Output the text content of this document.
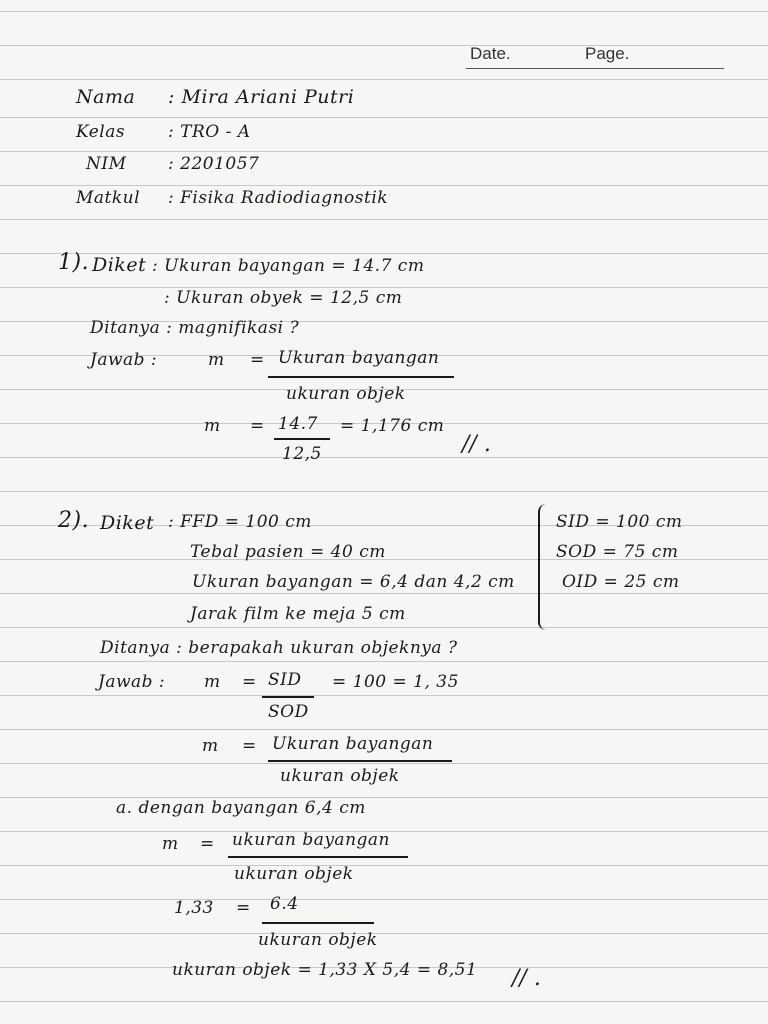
Date.	Page.
Nama : Mira Ariani Putri
Kelas	: TRO - A
NIM : 2201057
Matkul : Fisika Radiodiagnostik
1). Diket : Ukuran bayangan = 14.7 cm
: Ukuran obyek = 12,5 cm
Ditanya : magnifikasi ?
Jawab :	m = Ukuran bayangan
ukuran objek
m = 14.7
12,5
= 1,176 cm
// .
2). Diket : FFD = 100 cm
Tebal pasien = 40 cm
Ukuran bayangan = 6,4 dan 4,2 cm
Jarak film ke meja 5 cm
SID = 100 cm
SOD = 75 cm
OID = 25 cm
Ditanya : berapakah ukuran objeknya ?
Jawab : m = SID
SOD
= 100 = 1, 35
m = Ukuran bayangan
ukuran objek
a. dengan bayangan 6,4 cm
m = ukuran bayangan
ukuran objek
1,33 = 6.4
ukuran objek
ukuran objek = 1,33 X 5,4 = 8,51 // .
